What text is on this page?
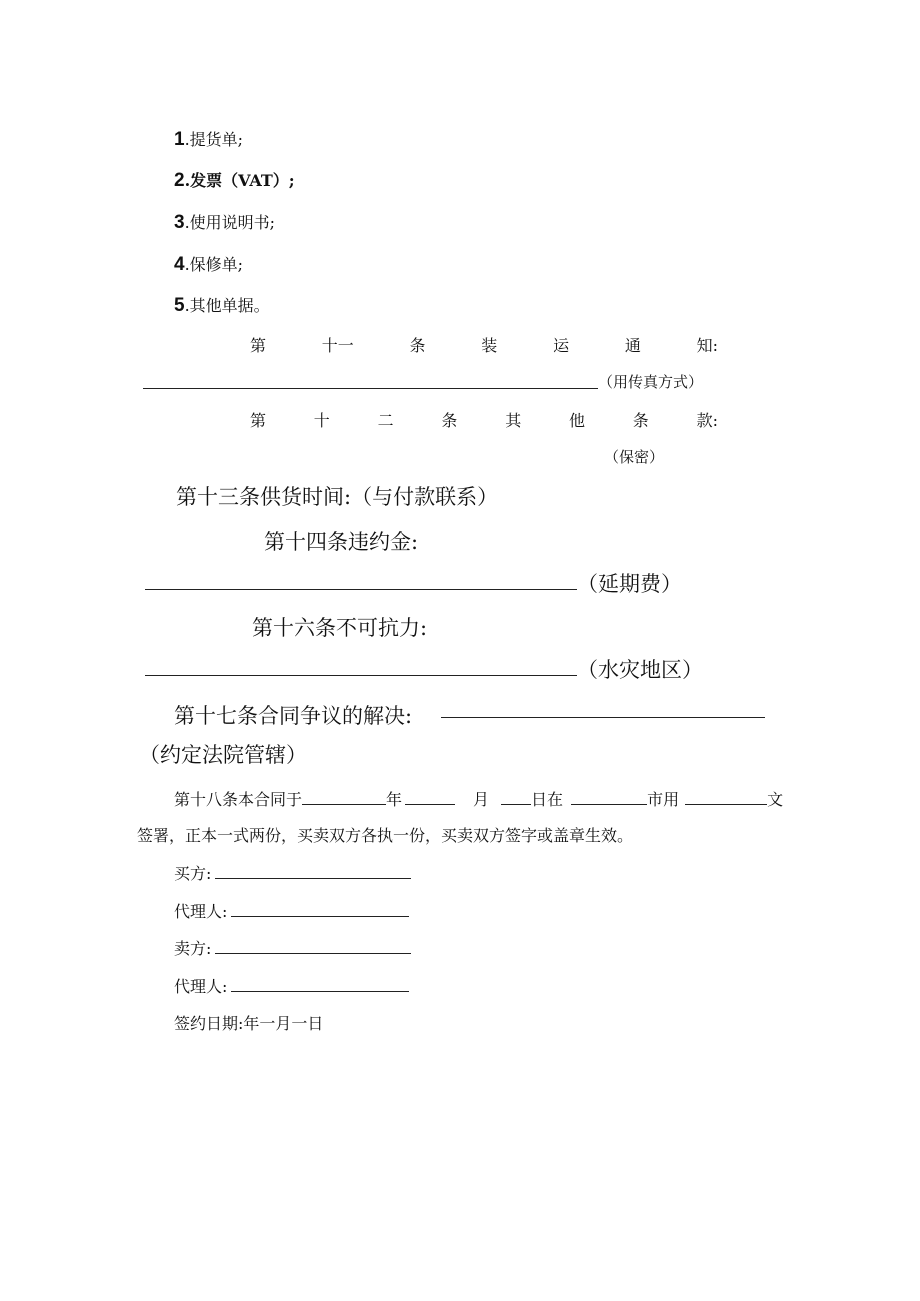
1.提货单;
2.发票（VAT）;
3.使用说明书;
4.保修单;
5.其他单据。
第	十一	条	装	运	通	知:
（用传真方式）
第	十	二	条	其	他	条	款:
（保密）
第十三条供货时间:（与付款联系）
第十四条违约金:
（延期费）
第十六条不可抗力:
（水灾地区）
第十七条合同争议的解决:
（约定法院管辖）
第十八条本合同于	年	月	日在	市用	文
签署，正本一式两份，买卖双方各执一份，买卖双方签字或盖章生效。
买方:
代理人:
卖方:
代理人:
签约日期:年一月一日
